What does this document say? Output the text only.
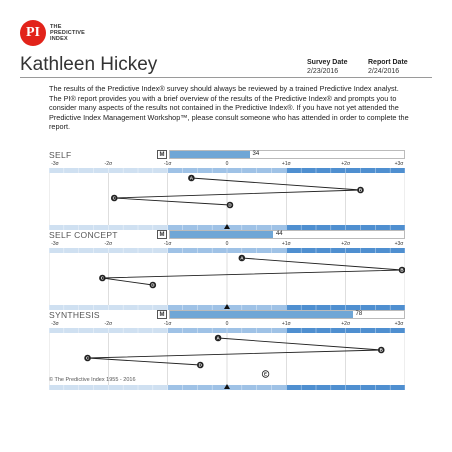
PI	THE
PREDICTIVE
INDEX
Kathleen Hickey	Survey Date
2/23/2016
Report Date
2/24/2016
The results of the Predictive Index® survey should always be reviewed by a trained Predictive Index analyst. The PI® report provides you with a brief overview of the results of the Predictive Index® and prompts you to consider many aspects of the results not contained in the Predictive Index®. If you have not yet attended the Predictive Index Management Workshop™, please consult someone who has attended in order to complete the report.
SELF	M	34
-3σ	-2σ	-1σ	0	+1σ	+2σ	+3σ
A
B
C
D
SELF CONCEPT	M	44
-3σ	-2σ	-1σ	0	+1σ	+2σ	+3σ
A
B
C
D
SYNTHESIS	M	78
-3σ	-2σ	-1σ	0	+1σ	+2σ	+3σ
A
B
C
D
E
© The Predictive Index 1955 - 2016
